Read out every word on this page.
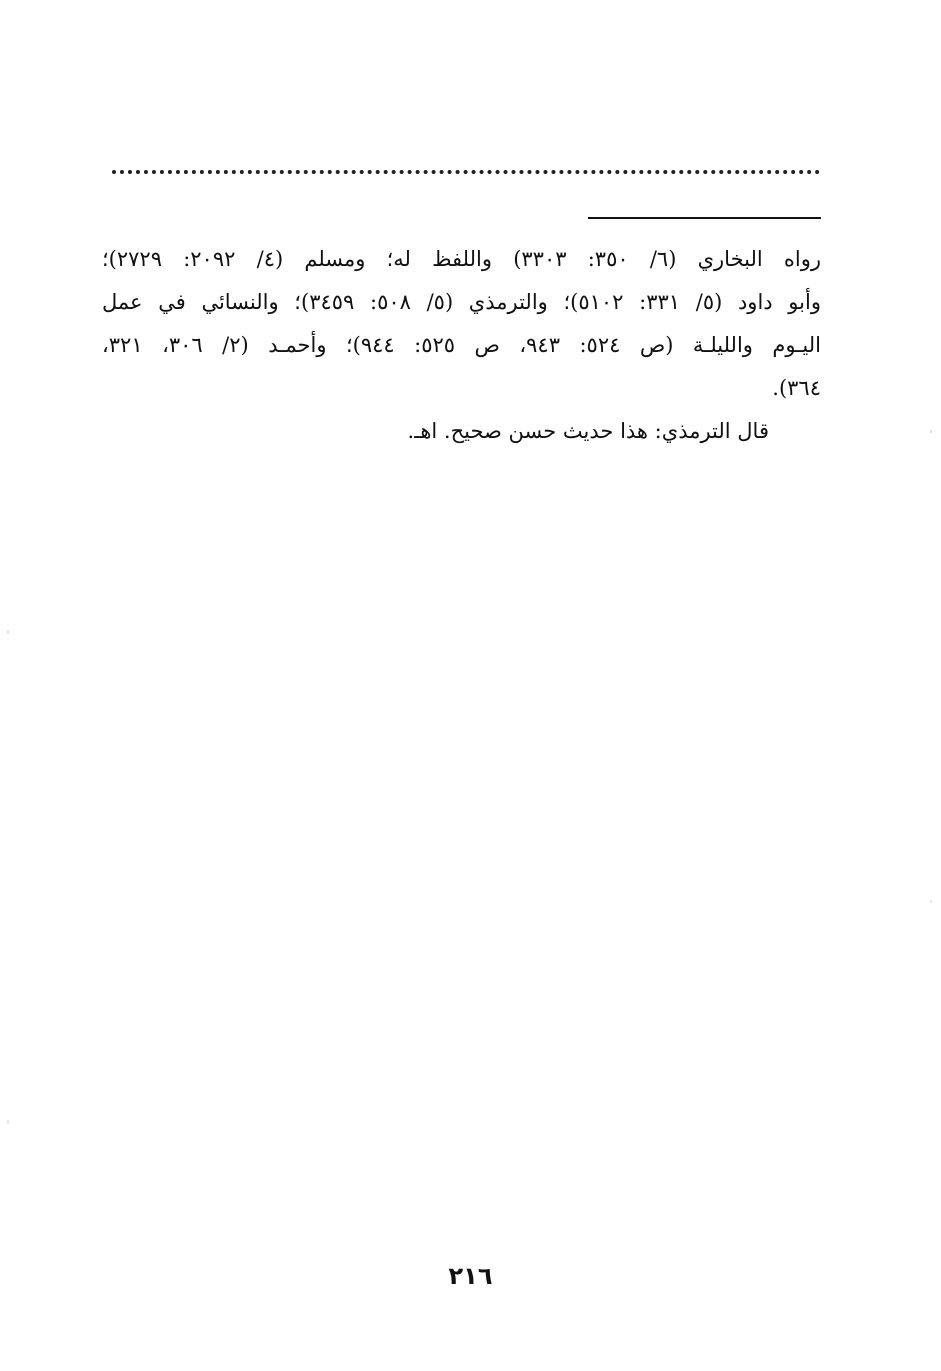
رواه البخاري (٦/ ٣٥٠: ٣٣٠٣) واللفظ له؛ ومسلم (٤/ ٢٠٩٢: ٢٧٢٩)؛
وأبو داود (٥/ ٣٣١: ٥١٠٢)؛ والترمذي (٥/ ٥٠٨: ٣٤٥٩)؛ والنسائي في عمل
اليـوم والليلـة (ص ٥٢٤: ٩٤٣، ص ٥٢٥: ٩٤٤)؛ وأحمـد (٢/ ٣٠٦، ٣٢١،
٣٦٤).
قال الترمذي: هذا حديث حسن صحيح. اهـ.
٢١٦
